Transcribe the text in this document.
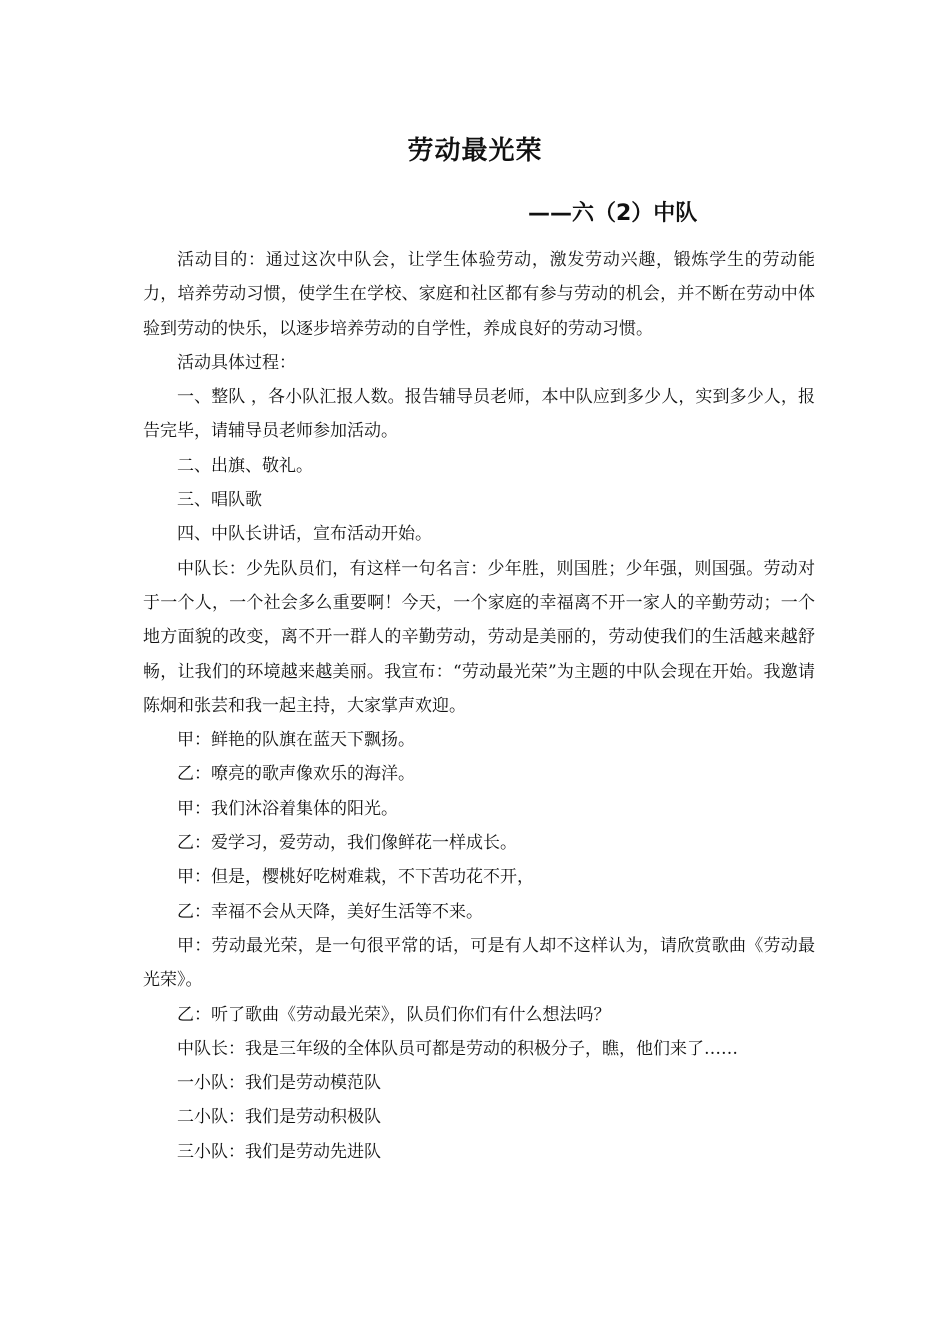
劳动最光荣
——六（2）中队

活动目的：通过这次中队会，让学生体验劳动，激发劳动兴趣，锻炼学生的劳动能力，培养劳动习惯，使学生在学校、家庭和社区都有参与劳动的机会，并不断在劳动中体验到劳动的快乐，以逐步培养劳动的自学性，养成良好的劳动习惯。

活动具体过程：

一、整队 ，各小队汇报人数。报告辅导员老师，本中队应到多少人，实到多少人，报告完毕，请辅导员老师参加活动。

二、出旗、敬礼。

三、唱队歌

四、中队长讲话，宣布活动开始。

中队长：少先队员们，有这样一句名言：少年胜，则国胜；少年强，则国强。劳动对于一个人，一个社会多么重要啊！今天，一个家庭的幸福离不开一家人的辛勤劳动；一个地方面貌的改变，离不开一群人的辛勤劳动，劳动是美丽的，劳动使我们的生活越来越舒畅，让我们的环境越来越美丽。我宣布：“劳动最光荣”为主题的中队会现在开始。我邀请陈炯和张芸和我一起主持，大家掌声欢迎。

甲：鲜艳的队旗在蓝天下飘扬。

乙：嘹亮的歌声像欢乐的海洋。

甲：我们沐浴着集体的阳光。

乙：爱学习，爱劳动，我们像鲜花一样成长。

甲：但是，樱桃好吃树难栽，不下苦功花不开，

乙：幸福不会从天降，美好生活等不来。

甲：劳动最光荣，是一句很平常的话，可是有人却不这样认为，请欣赏歌曲《劳动最光荣》。

乙：听了歌曲《劳动最光荣》，队员们你们有什么想法吗？

中队长：我是三年级的全体队员可都是劳动的积极分子，瞧，他们来了……

一小队：我们是劳动模范队

二小队：我们是劳动积极队

三小队：我们是劳动先进队
